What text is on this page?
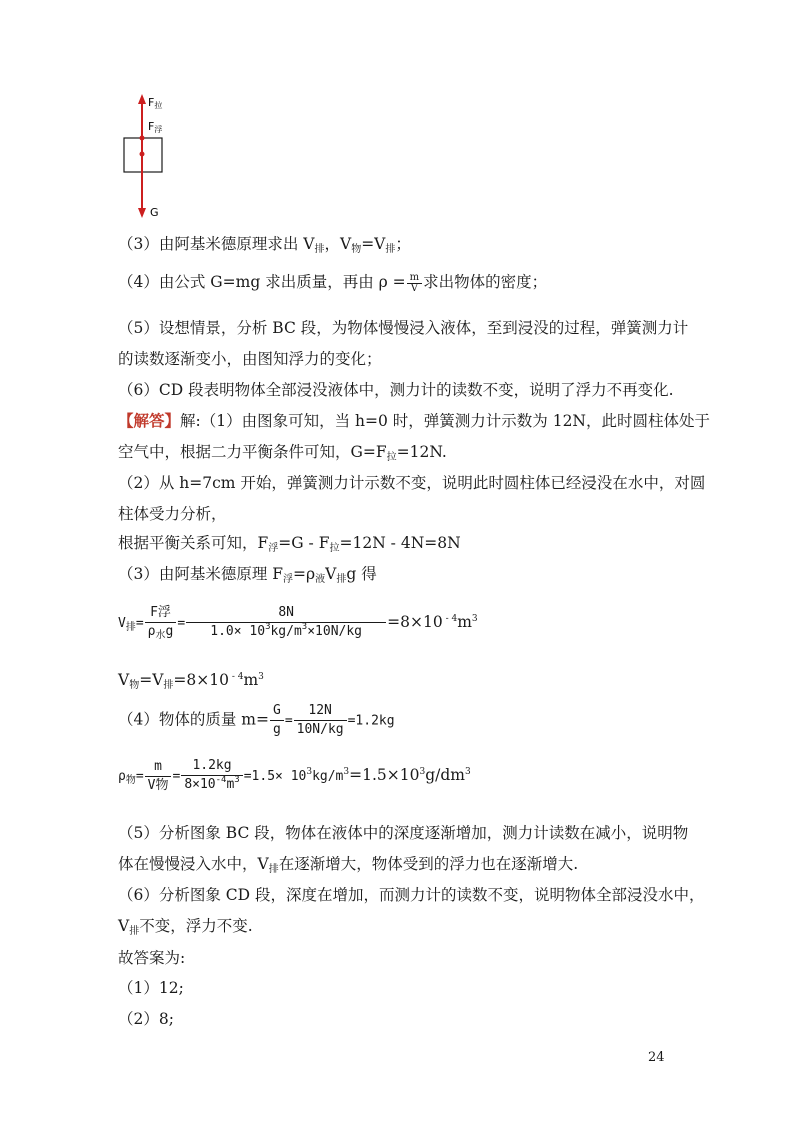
F拉
F浮
G
（3）由阿基米德原理求出 V排，V物=V排；
（4）由公式 G=mg 求出质量，再由 $\rho = \frac{m}{V}$ 求出物体的密度；
（5）设想情景，分析 BC 段，为物体慢慢浸入液体，至到浸没的过程，弹簧测力计
的读数逐渐变小，由图知浮力的变化；
（6）CD 段表明物体全部浸没液体中，测力计的读数不变，说明了浮力不再变化.
【解答】解:（1）由图象可知，当 h=0 时，弹簧测力计示数为 12N，此时圆柱体处于
空气中，根据二力平衡条件可知，G=F拉=12N.
（2）从 h=7cm 开始，弹簧测力计示数不变，说明此时圆柱体已经浸没在水中，对圆
柱体受力分析，
根据平衡关系可知，F浮=G - F拉=12N - 4N=8N
（3）由阿基米德原理 F浮=ρ液V排g 得
V排= $\frac{\text{F浮}}{\rho_水g} = \frac{8N}{1.0\times 10^3kg/m^3\times 10N/kg} =8\times 10$ $^{- 4}m^3$
V物=V排=8×10 $^{- 4}m^3$
（4）物体的质量 $m= \frac{G}{g} = \frac{12N}{10N/kg} =1.2kg$
ρ物= $\frac{m}{\text{V物}} = \frac{1.2kg}{8\times 10^{-4}m^3} =1.5\times 10^3kg/m^3=1.5\times 10^3g/dm^3$
（5）分析图象 BC 段，物体在液体中的深度逐渐增加，测力计读数在减小，说明物
体在慢慢浸入水中，V排在逐渐增大，物体受到的浮力也在逐渐增大.
（6）分析图象 CD 段，深度在增加，而测力计的读数不变，说明物体全部浸没水中，
V排不变，浮力不变.
故答案为:
（1）12;
（2）8;
24
